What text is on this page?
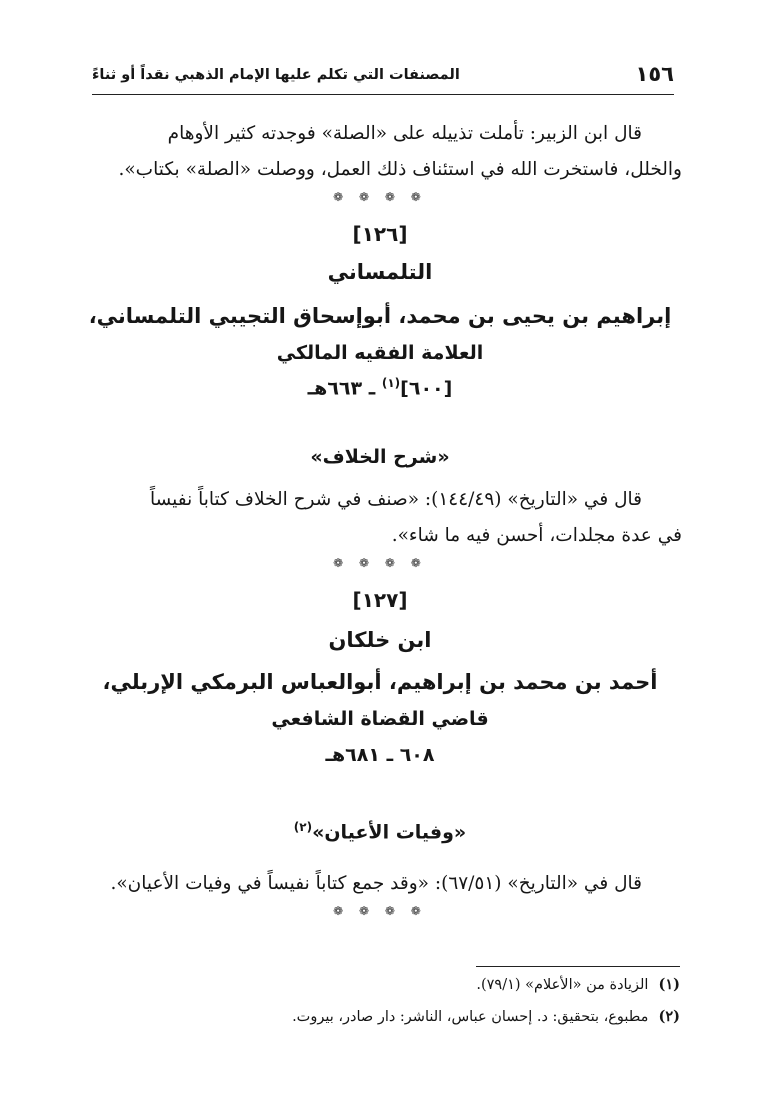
١٥٦
المصنفات التي تكلم عليها الإمام الذهبي نقداً أو ثناءً

قال ابن الزبير: تأملت تذييله على «الصلة» فوجدته كثير الأوهام

والخلل، فاستخرت الله في استئناف ذلك العمل، ووصلت «الصلة» بكتاب».

❁ ❁ ❁ ❁

[١٢٦]

التلمساني

إبراهيم بن يحيى بن محمد، أبوإسحاق التجيبي التلمساني،

العلامة الفقيه المالكي

[٦٠٠]$^{(١)}$ ـ ٦٦٣هـ

«شرح الخلاف»

قال في «التاريخ» (١٤٤/٤٩): «صنف في شرح الخلاف كتاباً نفيساً

في عدة مجلدات، أحسن فيه ما شاء».

❁ ❁ ❁ ❁

[١٢٧]

ابن خلكان

أحمد بن محمد بن إبراهيم، أبوالعباس البرمكي الإربلي،

قاضي القضاة الشافعي

٦٠٨ ـ ٦٨١هـ

«وفيات الأعيان»$^{(٢)}$

قال في «التاريخ» (٦٧/٥١): «وقد جمع كتاباً نفيساً في وفيات الأعيان».

❁ ❁ ❁ ❁

(١)الزيادة من «الأعلام» (٧٩/١).

(٢)مطبوع، بتحقيق: د. إحسان عباس، الناشر: دار صادر، بيروت.
